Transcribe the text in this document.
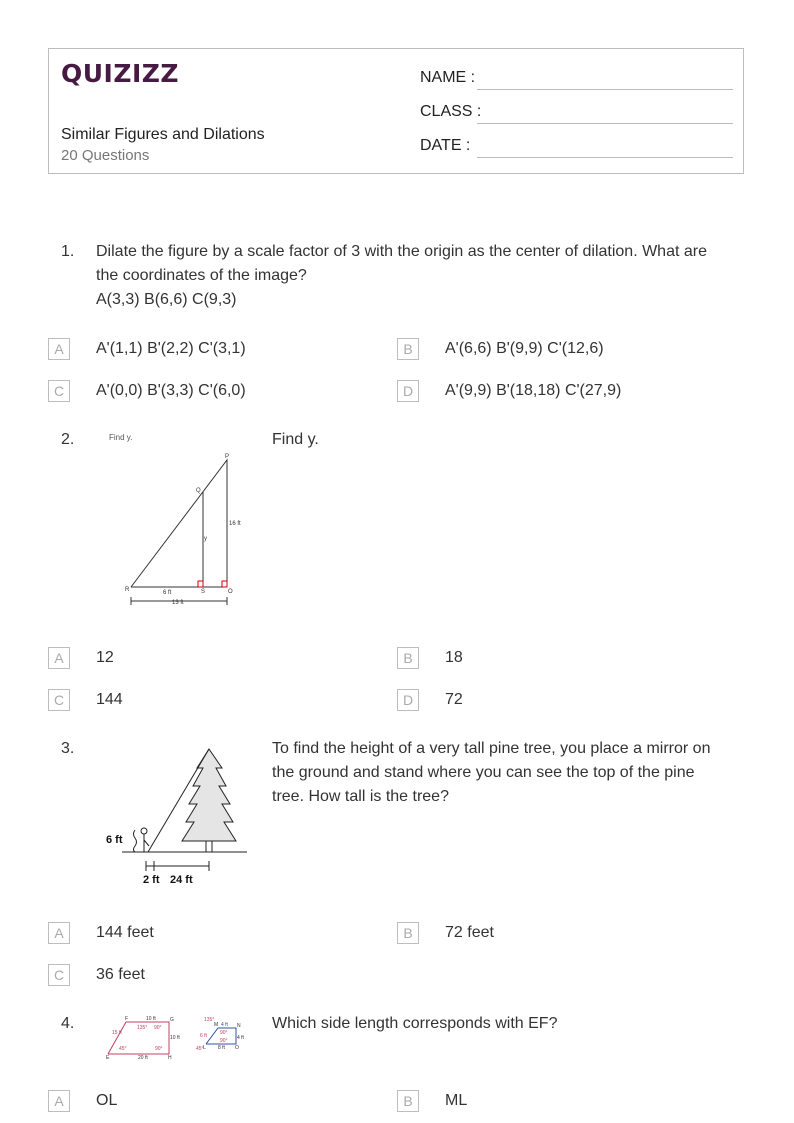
QUIZIZZ
Similar Figures and Dilations
20 Questions
NAME :
CLASS :
DATE :
1. Dilate the figure by a scale factor of 3 with the origin as the center of dilation. What are
the coordinates of the image?
A(3,3) B(6,6) C(9,3)
A	A'(1,1) B'(2,2) C'(3,1)	B	A'(6,6) B'(9,9) C'(12,6)
C	A'(0,0) B'(3,3) C'(6,0)	D	A'(9,9) B'(18,18) C'(27,9)
2.	Find y.
P
Q
R	S	O
y
16 ft
6 ft
13 ft
Find y.
A	12	B	18
C	144	D	72
3.
6 ft
2 ft 24 ft
To find the height of a very tall pine tree, you place a mirror on
the ground and stand where you can see the top of the pine
tree. How tall is the tree?
A	144 feet	B	72 feet
C	36 feet
4.	10 ft
15 ft
10 ft
20 ft
135° 90°
45°	90°
F	G
E	H
135°
90°
45°
90°
M	N
L	O
6 ft
4 ft
4 ft
8 ft
Which side length corresponds with EF?
A	OL	B	ML
